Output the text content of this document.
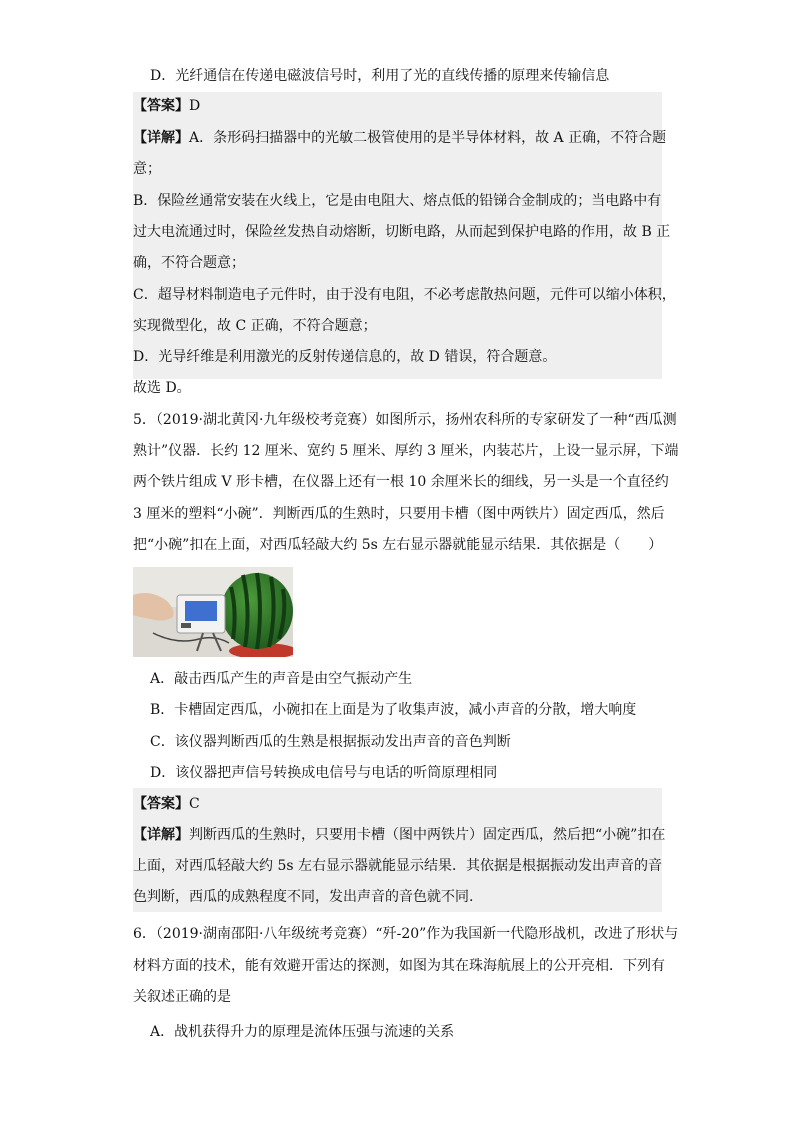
D．光纤通信在传递电磁波信号时，利用了光的直线传播的原理来传输信息
【答案】D
【详解】A．条形码扫描器中的光敏二极管使用的是半导体材料，故 A 正确，不符合题
意；
B．保险丝通常安装在火线上，它是由电阻大、熔点低的铅锑合金制成的；当电路中有
过大电流通过时，保险丝发热自动熔断，切断电路，从而起到保护电路的作用，故 B 正
确，不符合题意；
C．超导材料制造电子元件时，由于没有电阻，不必考虑散热问题，元件可以缩小体积，
实现微型化，故 C 正确，不符合题意；
D．光导纤维是利用激光的反射传递信息的，故 D 错误，符合题意。
故选 D。
5．（2019·湖北黄冈·九年级校考竞赛）如图所示，扬州农科所的专家研发了一种“西瓜测
熟计”仪器．长约 12 厘米、宽约 5 厘米、厚约 3 厘米，内装芯片，上设一显示屏，下端
两个铁片组成 V 形卡槽，在仪器上还有一根 10 余厘米长的细线，另一头是一个直径约
3 厘米的塑料“小碗”．判断西瓜的生熟时，只要用卡槽（图中两铁片）固定西瓜，然后
把“小碗”扣在上面，对西瓜轻敲大约 5s 左右显示器就能显示结果．其依据是（　　）
A．敲击西瓜产生的声音是由空气振动产生
B．卡槽固定西瓜，小碗扣在上面是为了收集声波，减小声音的分散，增大响度
C．该仪器判断西瓜的生熟是根据振动发出声音的音色判断
D．该仪器把声信号转换成电信号与电话的听筒原理相同
【答案】C
【详解】判断西瓜的生熟时，只要用卡槽（图中两铁片）固定西瓜，然后把“小碗”扣在
上面，对西瓜轻敲大约 5s 左右显示器就能显示结果．其依据是根据振动发出声音的音
色判断，西瓜的成熟程度不同，发出声音的音色就不同.
6．（2019·湖南邵阳·八年级统考竞赛）“歼-20”作为我国新一代隐形战机，改进了形状与
材料方面的技术，能有效避开雷达的探测，如图为其在珠海航展上的公开亮相．下列有
关叙述正确的是
A．战机获得升力的原理是流体压强与流速的关系
